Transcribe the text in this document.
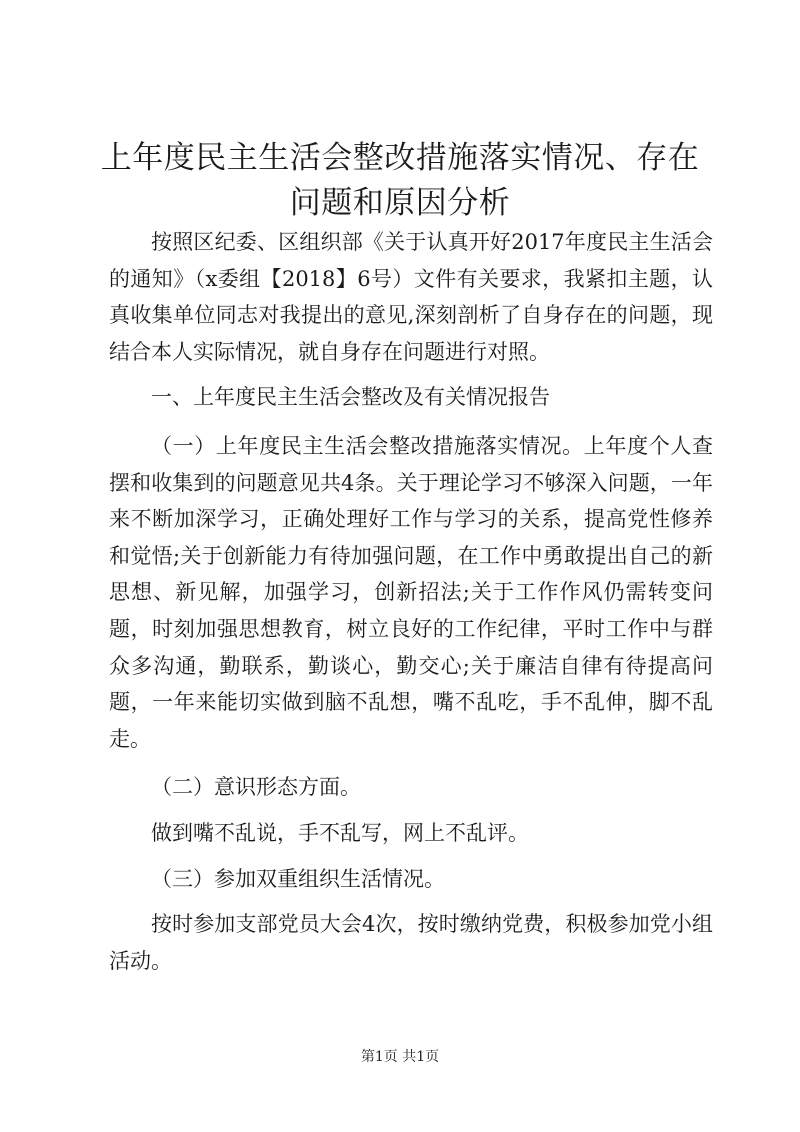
上年度民主生活会整改措施落实情况、存在问题和原因分析

按照区纪委、区组织部《关于认真开好2017年度民主生活会的通知》（x委组【2018】6号）文件有关要求，我紧扣主题，认真收集单位同志对我提出的意见,深刻剖析了自身存在的问题，现结合本人实际情况，就自身存在问题进行对照。

一、上年度民主生活会整改及有关情况报告

（一）上年度民主生活会整改措施落实情况。上年度个人查摆和收集到的问题意见共4条。关于理论学习不够深入问题，一年来不断加深学习，正确处理好工作与学习的关系，提高党性修养和觉悟;关于创新能力有待加强问题，在工作中勇敢提出自己的新思想、新见解，加强学习，创新招法;关于工作作风仍需转变问题，时刻加强思想教育，树立良好的工作纪律，平时工作中与群众多沟通，勤联系，勤谈心，勤交心;关于廉洁自律有待提高问题，一年来能切实做到脑不乱想，嘴不乱吃，手不乱伸，脚不乱走。

（二）意识形态方面。

做到嘴不乱说，手不乱写，网上不乱评。

（三）参加双重组织生活情况。

按时参加支部党员大会4次，按时缴纳党费，积极参加党小组活动。

第1页 共1页
